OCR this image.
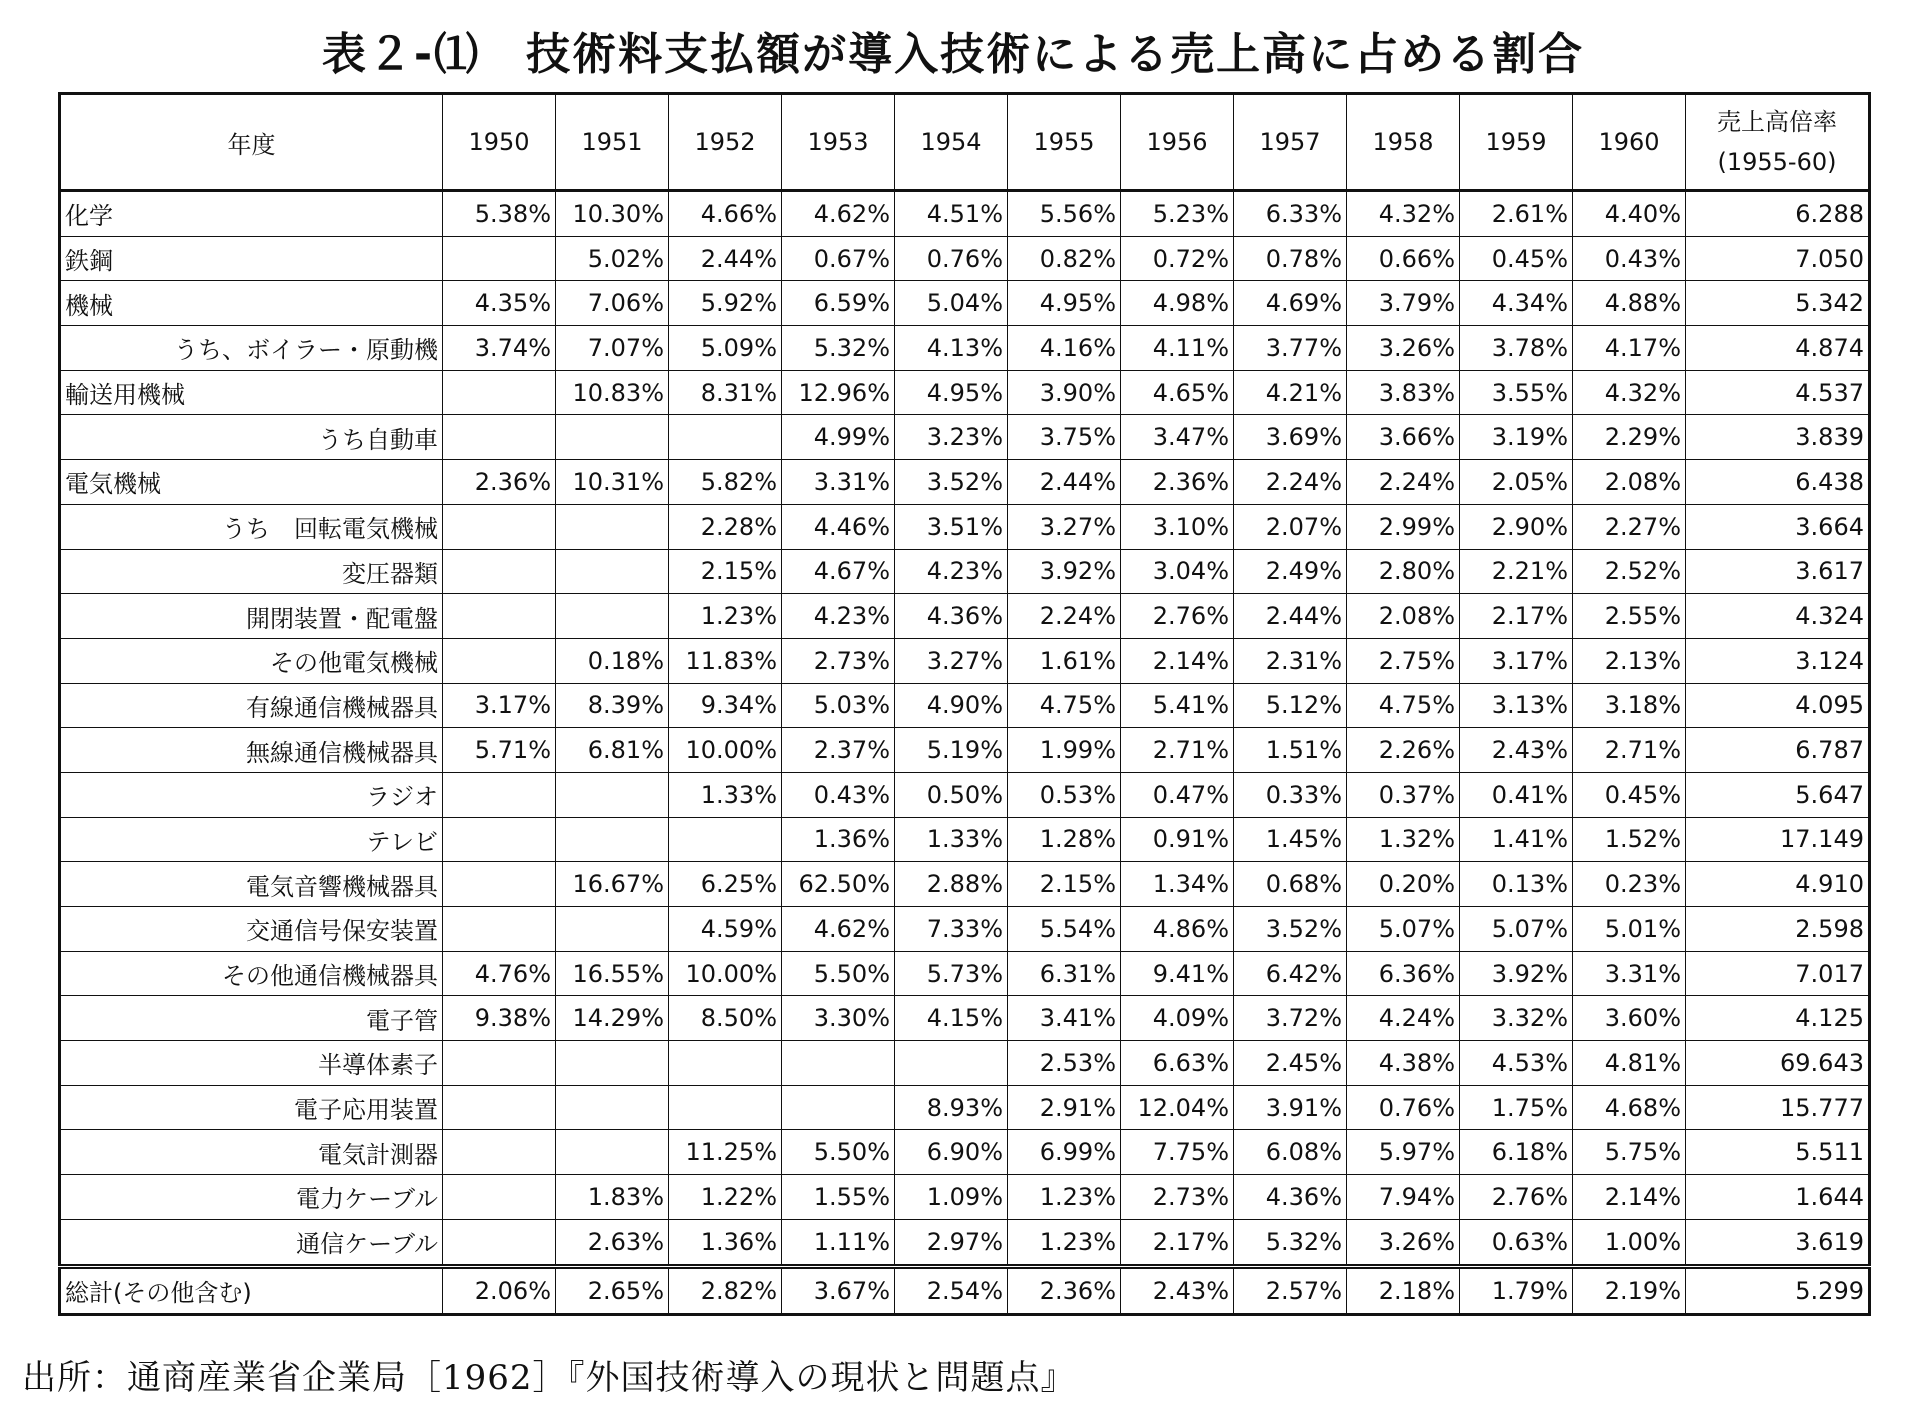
表２-⑴　技術料支払額が導入技術による売上高に占める割合
年度	1950	1951	1952	1953	1954	1955	1956	1957	1958	1959	1960	売上高倍率
(1955-60)

化学	5.38%	10.30%	4.66%	4.62%	4.51%	5.56%	5.23%	6.33%	4.32%	2.61%	4.40%	6.288
鉄鋼		5.02%	2.44%	0.67%	0.76%	0.82%	0.72%	0.78%	0.66%	0.45%	0.43%	7.050
機械	4.35%	7.06%	5.92%	6.59%	5.04%	4.95%	4.98%	4.69%	3.79%	4.34%	4.88%	5.342
うち、ボイラー・原動機	3.74%	7.07%	5.09%	5.32%	4.13%	4.16%	4.11%	3.77%	3.26%	3.78%	4.17%	4.874
輸送用機械		10.83%	8.31%	12.96%	4.95%	3.90%	4.65%	4.21%	3.83%	3.55%	4.32%	4.537
うち自動車				4.99%	3.23%	3.75%	3.47%	3.69%	3.66%	3.19%	2.29%	3.839
電気機械	2.36%	10.31%	5.82%	3.31%	3.52%	2.44%	2.36%	2.24%	2.24%	2.05%	2.08%	6.438
うち　回転電気機械			2.28%	4.46%	3.51%	3.27%	3.10%	2.07%	2.99%	2.90%	2.27%	3.664
変圧器類			2.15%	4.67%	4.23%	3.92%	3.04%	2.49%	2.80%	2.21%	2.52%	3.617
開閉装置・配電盤			1.23%	4.23%	4.36%	2.24%	2.76%	2.44%	2.08%	2.17%	2.55%	4.324
その他電気機械		0.18%	11.83%	2.73%	3.27%	1.61%	2.14%	2.31%	2.75%	3.17%	2.13%	3.124
有線通信機械器具	3.17%	8.39%	9.34%	5.03%	4.90%	4.75%	5.41%	5.12%	4.75%	3.13%	3.18%	4.095
無線通信機械器具	5.71%	6.81%	10.00%	2.37%	5.19%	1.99%	2.71%	1.51%	2.26%	2.43%	2.71%	6.787
ラジオ			1.33%	0.43%	0.50%	0.53%	0.47%	0.33%	0.37%	0.41%	0.45%	5.647
テレビ				1.36%	1.33%	1.28%	0.91%	1.45%	1.32%	1.41%	1.52%	17.149
電気音響機械器具		16.67%	6.25%	62.50%	2.88%	2.15%	1.34%	0.68%	0.20%	0.13%	0.23%	4.910
交通信号保安装置			4.59%	4.62%	7.33%	5.54%	4.86%	3.52%	5.07%	5.07%	5.01%	2.598
その他通信機械器具	4.76%	16.55%	10.00%	5.50%	5.73%	6.31%	9.41%	6.42%	6.36%	3.92%	3.31%	7.017
電子管	9.38%	14.29%	8.50%	3.30%	4.15%	3.41%	4.09%	3.72%	4.24%	3.32%	3.60%	4.125
半導体素子						2.53%	6.63%	2.45%	4.38%	4.53%	4.81%	69.643
電子応用装置					8.93%	2.91%	12.04%	3.91%	0.76%	1.75%	4.68%	15.777
電気計測器			11.25%	5.50%	6.90%	6.99%	7.75%	6.08%	5.97%	6.18%	5.75%	5.511
電力ケーブル		1.83%	1.22%	1.55%	1.09%	1.23%	2.73%	4.36%	7.94%	2.76%	2.14%	1.644
通信ケーブル		2.63%	1.36%	1.11%	2.97%	1.23%	2.17%	5.32%	3.26%	0.63%	1.00%	3.619
総計(その他含む)	2.06%	2.65%	2.82%	3.67%	2.54%	2.36%	2.43%	2.57%	2.18%	1.79%	2.19%	5.299
出所：通商産業省企業局［1962］『外国技術導入の現状と問題点』
